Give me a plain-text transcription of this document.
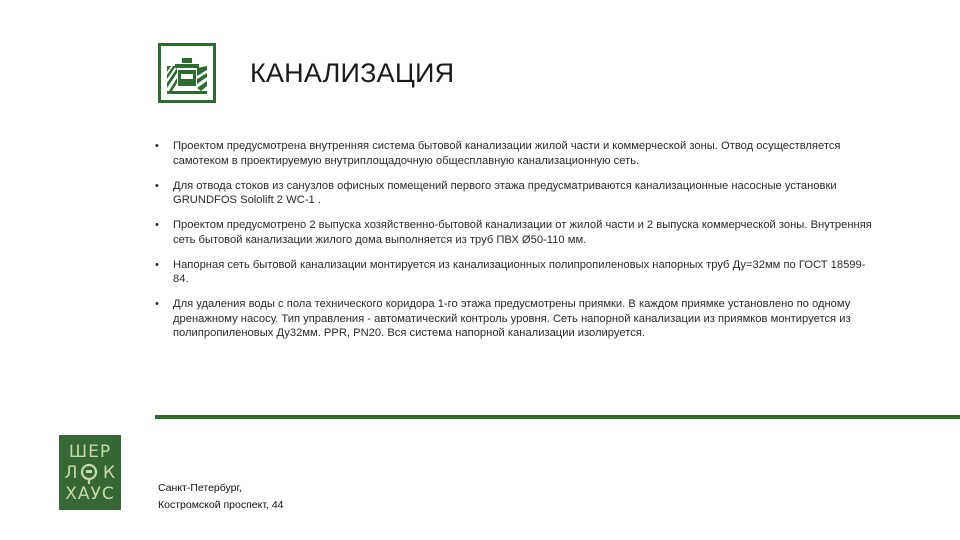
КАНАЛИЗАЦИЯ
• Проектом предусмотрена внутренняя система бытовой канализации жилой части и коммерческой зоны. Отвод осуществляется самотеком в проектируемую внутриплощадочную общесплавную канализационную сеть.
• Для отвода стоков из санузлов офисных помещений первого этажа предусматриваются канализационные насосные установки GRUNDFOS Sololift 2 WC-1 .
• Проектом предусмотрено 2 выпуска хозяйственно-бытовой канализации от жилой части и 2 выпуска коммерческой зоны. Внутренняя сеть бытовой канализации жилого дома выполняется из труб ПВХ Ø50-110 мм.
• Напорная сеть бытовой канализации монтируется из канализационных полипропиленовых напорных труб Ду=32мм по ГОСТ 18599-84.
• Для удаления воды с пола технического коридора 1-го этажа предусмотрены приямки. В каждом приямке установлено по одному дренажному насосу. Тип управления - автоматический контроль уровня. Сеть напорной канализации из приямков монтируется из полипропиленовых Ду32мм. PPR, PN20. Вся система напорной канализации изолируется.
ШЕР
Л К
ХАУС	Санкт-Петербург,
Костромской проспект, 44
